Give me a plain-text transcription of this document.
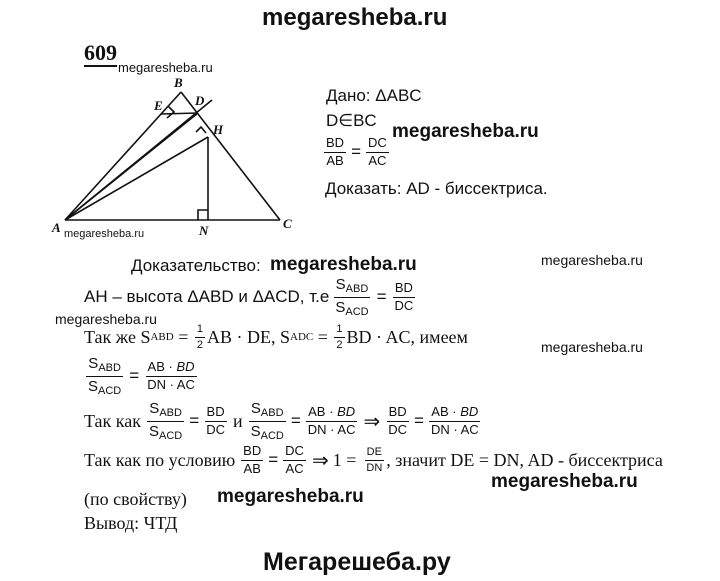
megaresheba.ru
Мегарешеба.ру
megaresheba.ru
megaresheba.ru
megaresheba.ru
megaresheba.ru	megaresheba.ru
megaresheba.ru
megaresheba.ru
megaresheba.ru
megaresheba.ru
609
A
B
C
D
E
H
N
Дано: ΔABC
D∈BC
$\frac{BD}{AB} = \frac{DC}{AC}$
Доказать: AD - биссектриса.
Доказательство:
AH – высота ΔABD и ΔACD, $т.е \frac{S_{ABD}}{S_{ACD}} = \frac{BD}{DC}$
Так же S ABD = $\frac{1}{2}$ AB · DE, S ADC = $\frac{1}{2}$ BD · AC, имеем
$\frac{S_{ABD}}{S_{ACD}} = \frac{AB \cdot BD}{DN \cdot AC}$
Так как $\frac{S_{ABD}}{S_{ACD}} = \frac{BD}{DC}$ и $\frac{S_{ABD}}{S_{ACD}} = \frac{AB \cdot BD}{DN \cdot AC}$ ⇒ $\frac{BD}{DC} = \frac{AB \cdot BD}{DN \cdot AC}$
Так как по условию $\frac{BD}{AB} = \frac{DC}{AC}$ ⇒ $1 = \frac{DE}{DN}$ , значит DE = DN, AD - биссектриса
(по свойству)
Вывод: ЧТД
